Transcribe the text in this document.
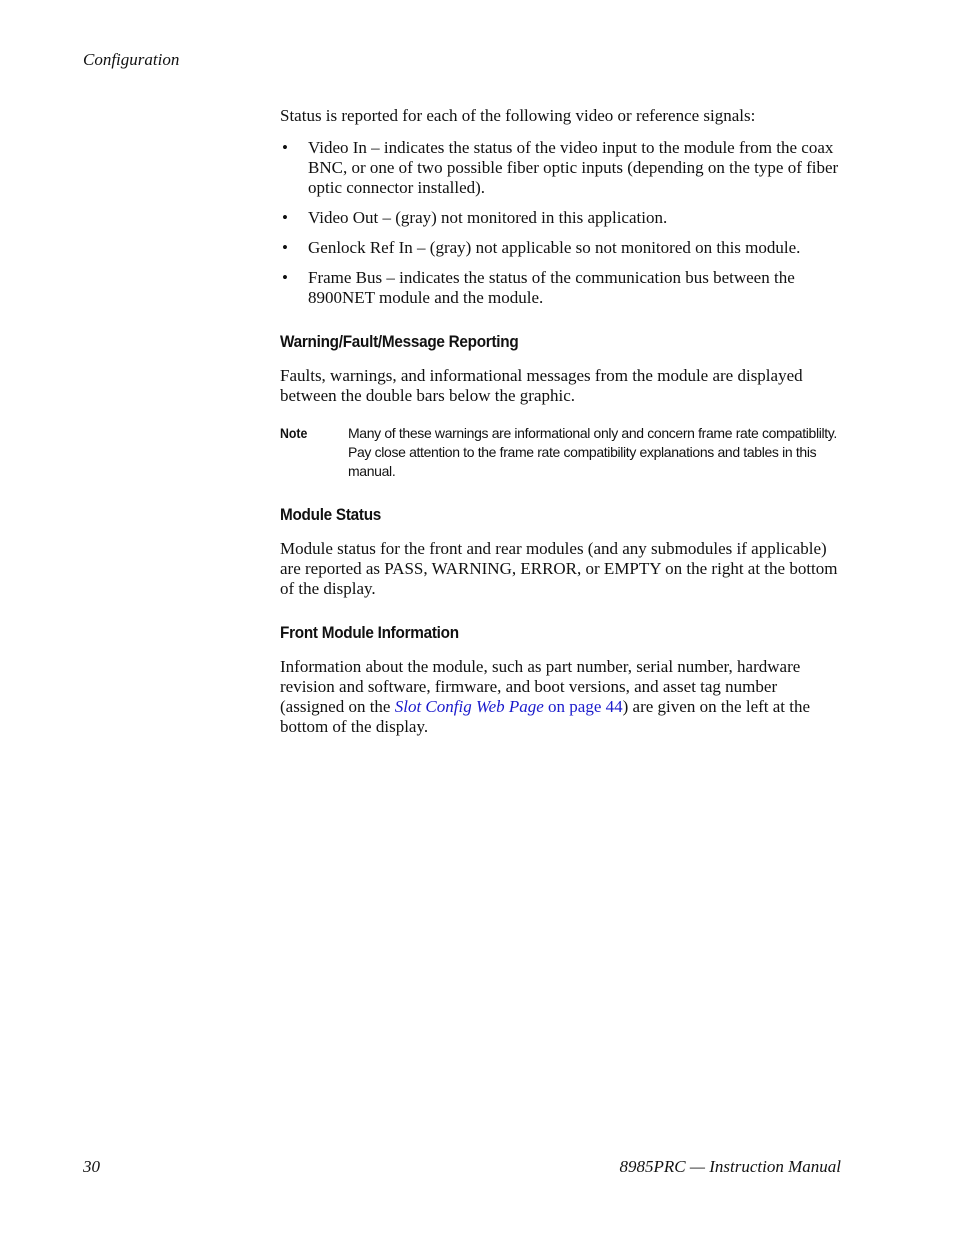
Configuration

Status is reported for each of the following video or reference signals:

• Video In – indicates the status of the video input to the module from the coax BNC, or one of two possible fiber optic inputs (depending on the type of fiber optic connector installed).
• Video Out – (gray) not monitored in this application.
• Genlock Ref In – (gray) not applicable so not monitored on this module.
• Frame Bus – indicates the status of the communication bus between the 8900NET module and the module.
Warning/Fault/Message Reporting

Faults, warnings, and informational messages from the module are displayed between the double bars below the graphic.

Note	Many of these warnings are informational only and concern frame rate compatiblilty. Pay close attention to the frame rate compatibility explanations and tables in this manual.
Module Status

Module status for the front and rear modules (and any submodules if applicable) are reported as PASS, WARNING, ERROR, or EMPTY on the right at the bottom of the display.

Front Module Information

Information about the module, such as part number, serial number, hardware revision and software, firmware, and boot versions, and asset tag number (assigned on the Slot Config Web Page on page 44) are given on the left at the bottom of the display.

30	8985PRC — Instruction Manual
